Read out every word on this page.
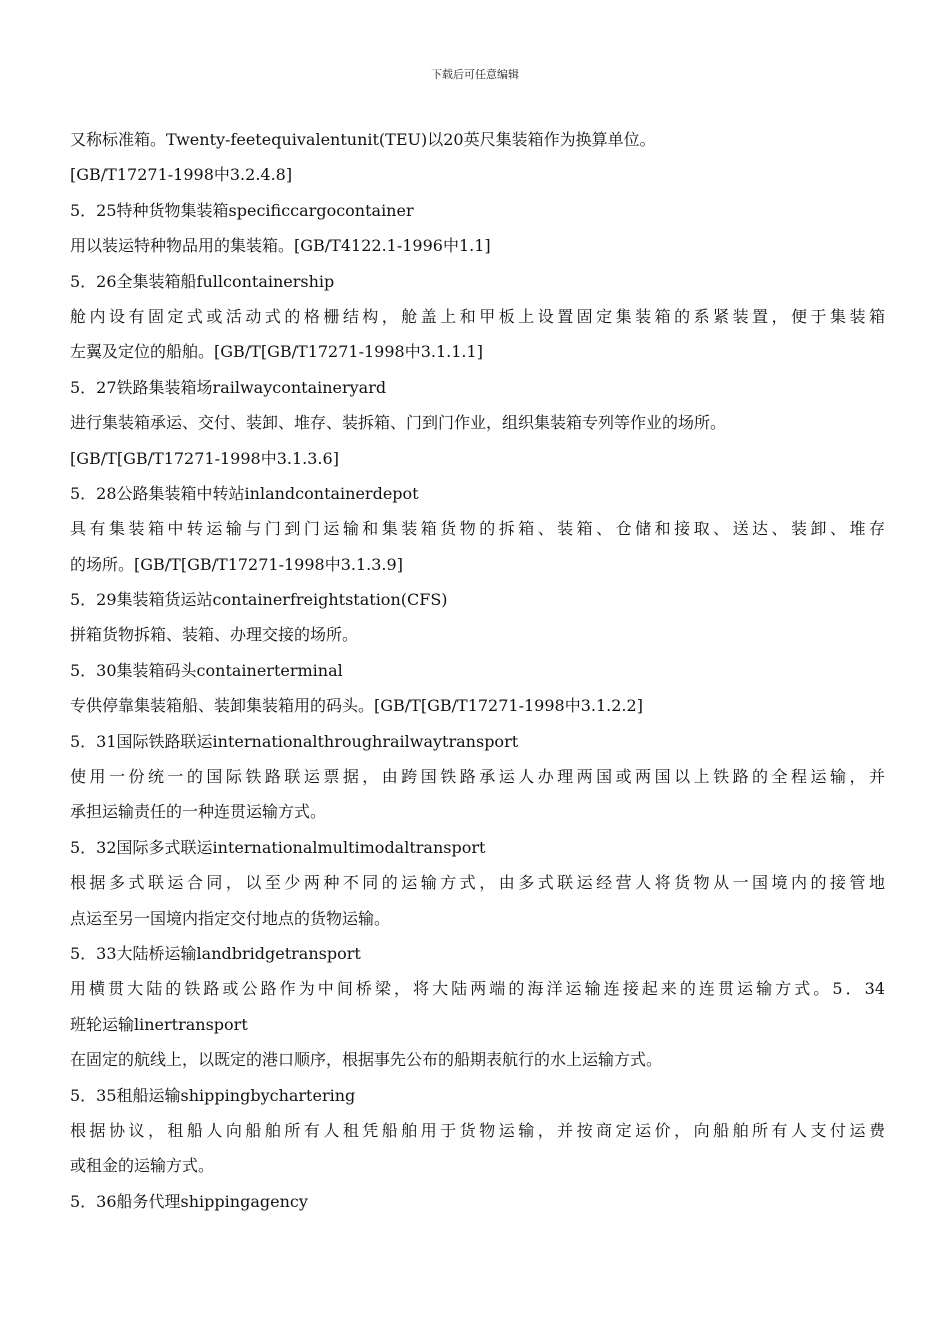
下载后可任意编辑
又称标准箱。Twenty-feetequivalentunit(TEU)以20英尺集装箱作为换算单位。
[GB/T17271-1998中3.2.4.8]
5．25特种货物集装箱specificcargocontainer
用以装运特种物品用的集装箱。[GB/T4122.1-1996中1.1]
5．26全集装箱船fullcontainership
舱内设有固定式或活动式的格栅结构，舱盖上和甲板上设置固定集装箱的系紧装置，便于集装箱
左翼及定位的船舶。[GB/T[GB/T17271-1998中3.1.1.1]
5．27铁路集装箱场railwaycontaineryard
进行集装箱承运、交付、装卸、堆存、装拆箱、门到门作业，组织集装箱专列等作业的场所。
[GB/T[GB/T17271-1998中3.1.3.6]
5．28公路集装箱中转站inlandcontainerdepot
具有集装箱中转运输与门到门运输和集装箱货物的拆箱、装箱、仓储和接取、送达、装卸、堆存
的场所。[GB/T[GB/T17271-1998中3.1.3.9]
5．29集装箱货运站containerfreightstation(CFS)
拼箱货物拆箱、装箱、办理交接的场所。
5．30集装箱码头containerterminal
专供停靠集装箱船、装卸集装箱用的码头。[GB/T[GB/T17271-1998中3.1.2.2]
5．31国际铁路联运internationalthroughrailwaytransport
使用一份统一的国际铁路联运票据，由跨国铁路承运人办理两国或两国以上铁路的全程运输，并
承担运输责任的一种连贯运输方式。
5．32国际多式联运internationalmultimodaltransport
根据多式联运合同，以至少两种不同的运输方式，由多式联运经营人将货物从一国境内的接管地
点运至另一国境内指定交付地点的货物运输。
5．33大陆桥运输landbridgetransport
用横贯大陆的铁路或公路作为中间桥梁，将大陆两端的海洋运输连接起来的连贯运输方式。5．34
班轮运输linertransport
在固定的航线上，以既定的港口顺序，根据事先公布的船期表航行的水上运输方式。
5．35租船运输shippingbychartering
根据协议，租船人向船舶所有人租凭船舶用于货物运输，并按商定运价，向船舶所有人支付运费
或租金的运输方式。
5．36船务代理shippingagency
